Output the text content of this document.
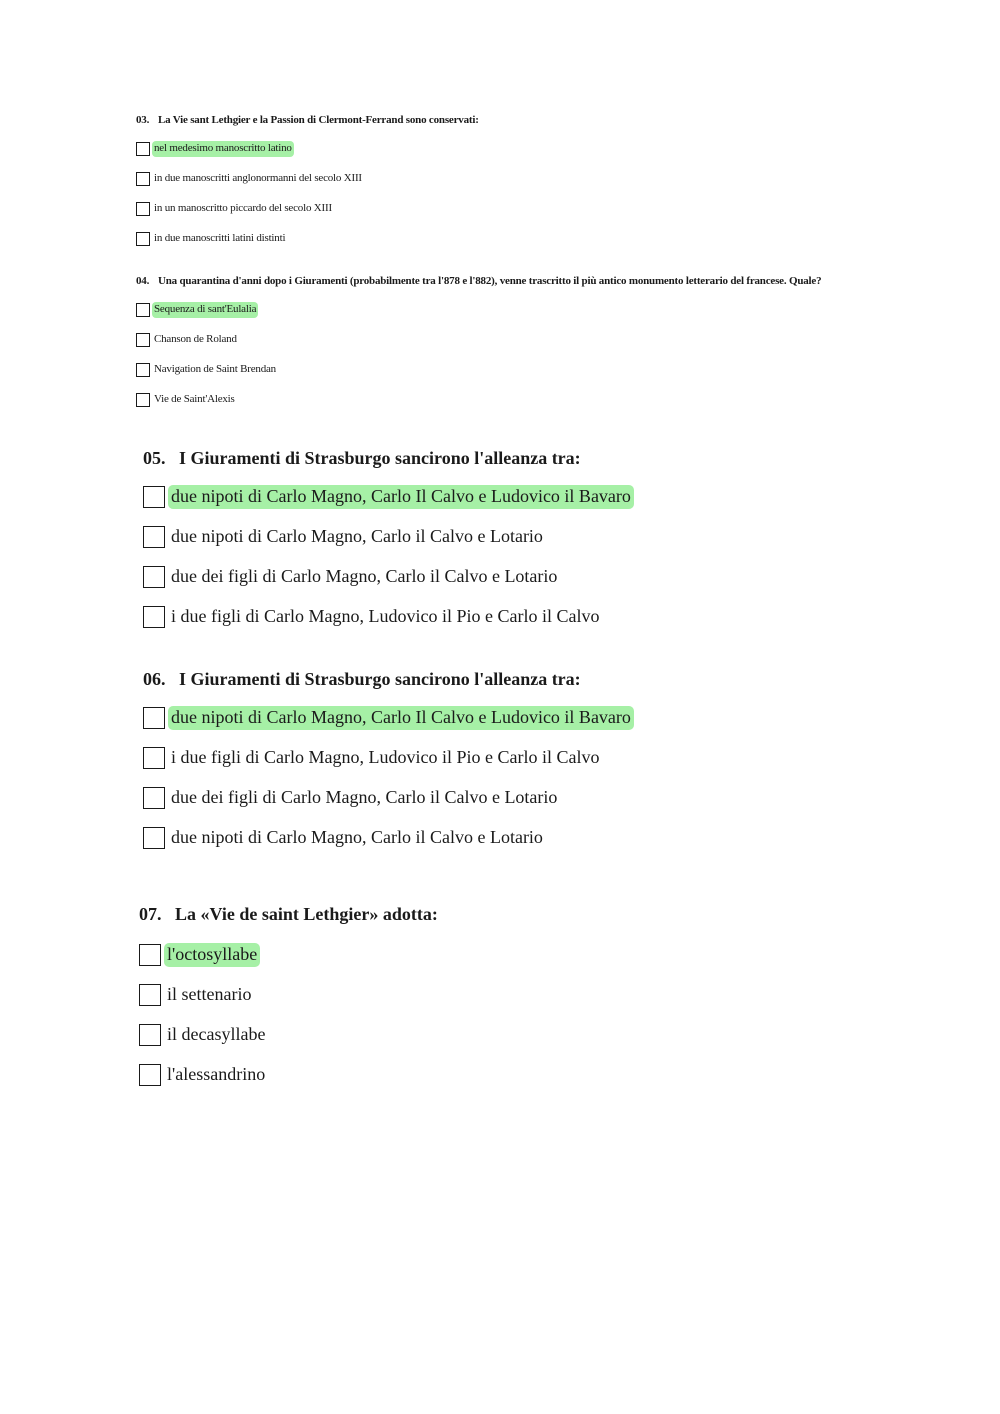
03. La Vie sant Lethgier e la Passion di Clermont-Ferrand sono conservati:
nel medesimo manoscritto latino
in due manoscritti anglonormanni del secolo XIII
in un manoscritto piccardo del secolo XIII
in due manoscritti latini distinti
04. Una quarantina d'anni dopo i Giuramenti (probabilmente tra l'878 e l'882), venne trascritto il più antico monumento letterario del francese. Quale?
Sequenza di sant'Eulalia
Chanson de Roland
Navigation de Saint Brendan
Vie de Saint'Alexis
05. I Giuramenti di Strasburgo sancirono l'alleanza tra:
due nipoti di Carlo Magno, Carlo Il Calvo e Ludovico il Bavaro
due nipoti di Carlo Magno, Carlo il Calvo e Lotario
due dei figli di Carlo Magno, Carlo il Calvo e Lotario
i due figli di Carlo Magno, Ludovico il Pio e Carlo il Calvo
06. I Giuramenti di Strasburgo sancirono l'alleanza tra:
due nipoti di Carlo Magno, Carlo Il Calvo e Ludovico il Bavaro
i due figli di Carlo Magno, Ludovico il Pio e Carlo il Calvo
due dei figli di Carlo Magno, Carlo il Calvo e Lotario
due nipoti di Carlo Magno, Carlo il Calvo e Lotario
07. La «Vie de saint Lethgier» adotta:
l'octosyllabe
il settenario
il decasyllabe
l'alessandrino
